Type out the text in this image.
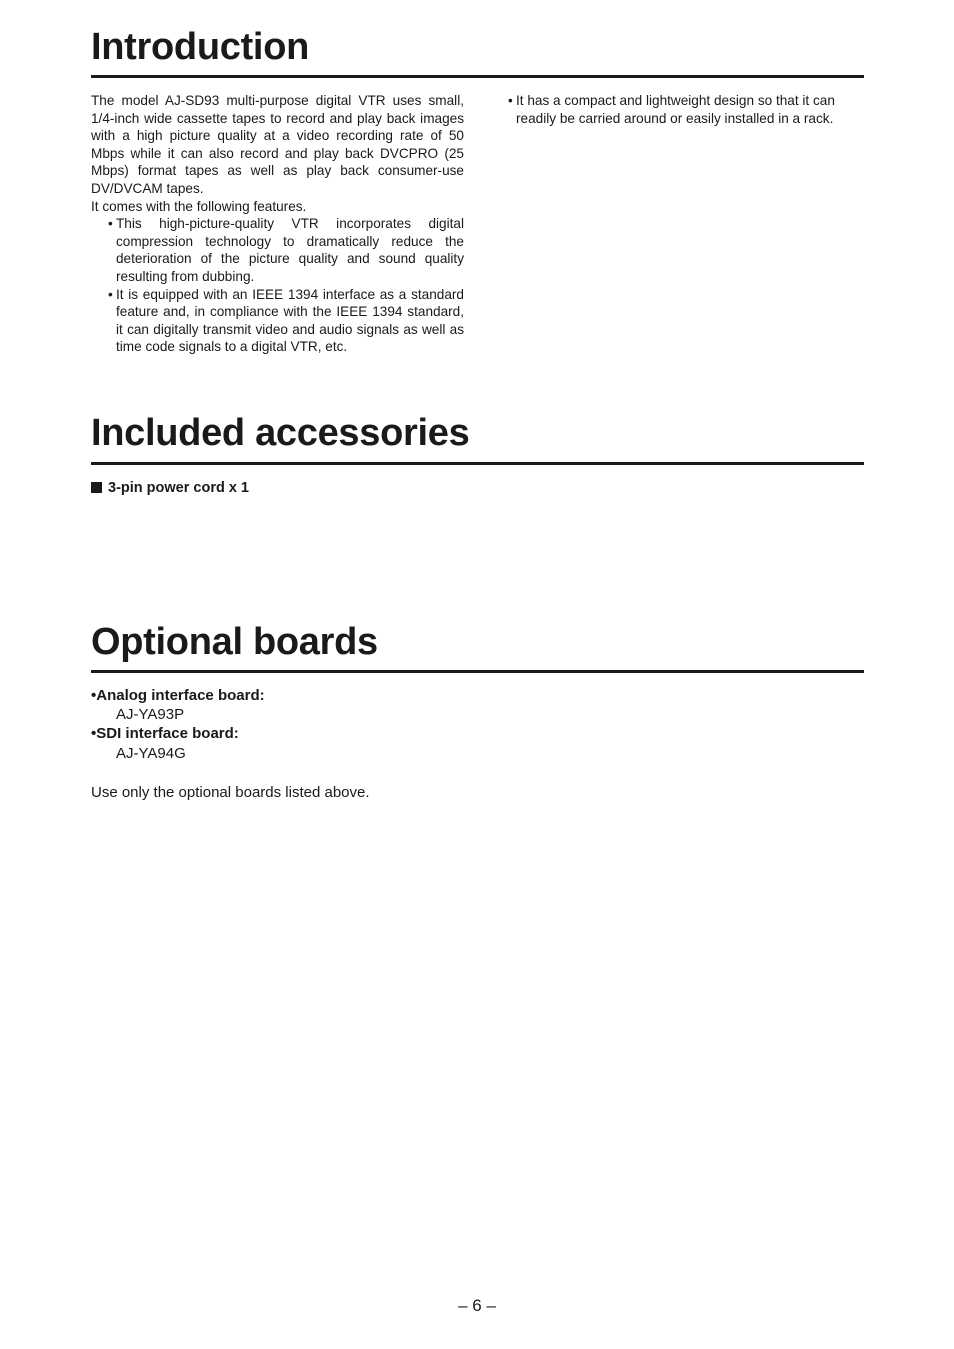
Introduction

The model AJ-SD93 multi-purpose digital VTR uses small, 1/4-inch wide cassette tapes to record and play back images with a high picture quality at a video recording rate of 50 Mbps while it can also record and play back DVCPRO (25 Mbps) format tapes as well as play back consumer-use DV/DVCAM tapes.

It comes with the following features.

• This high-picture-quality VTR incorporates digital compression technology to dramatically reduce the deterioration of the picture quality and sound quality resulting from dubbing.
• It is equipped with an IEEE 1394 interface as a standard feature and, in compliance with the IEEE 1394 standard, it can digitally transmit video and audio signals as well as time code signals to a digital VTR, etc.
• It has a compact and lightweight design so that it can readily be carried around or easily installed in a rack.
Included accessories
3-pin power cord x 1
Optional boards
•Analog interface board:
AJ-YA93P
•SDI interface board:
AJ-YA94G
Use only the optional boards listed above.
– 6 –
